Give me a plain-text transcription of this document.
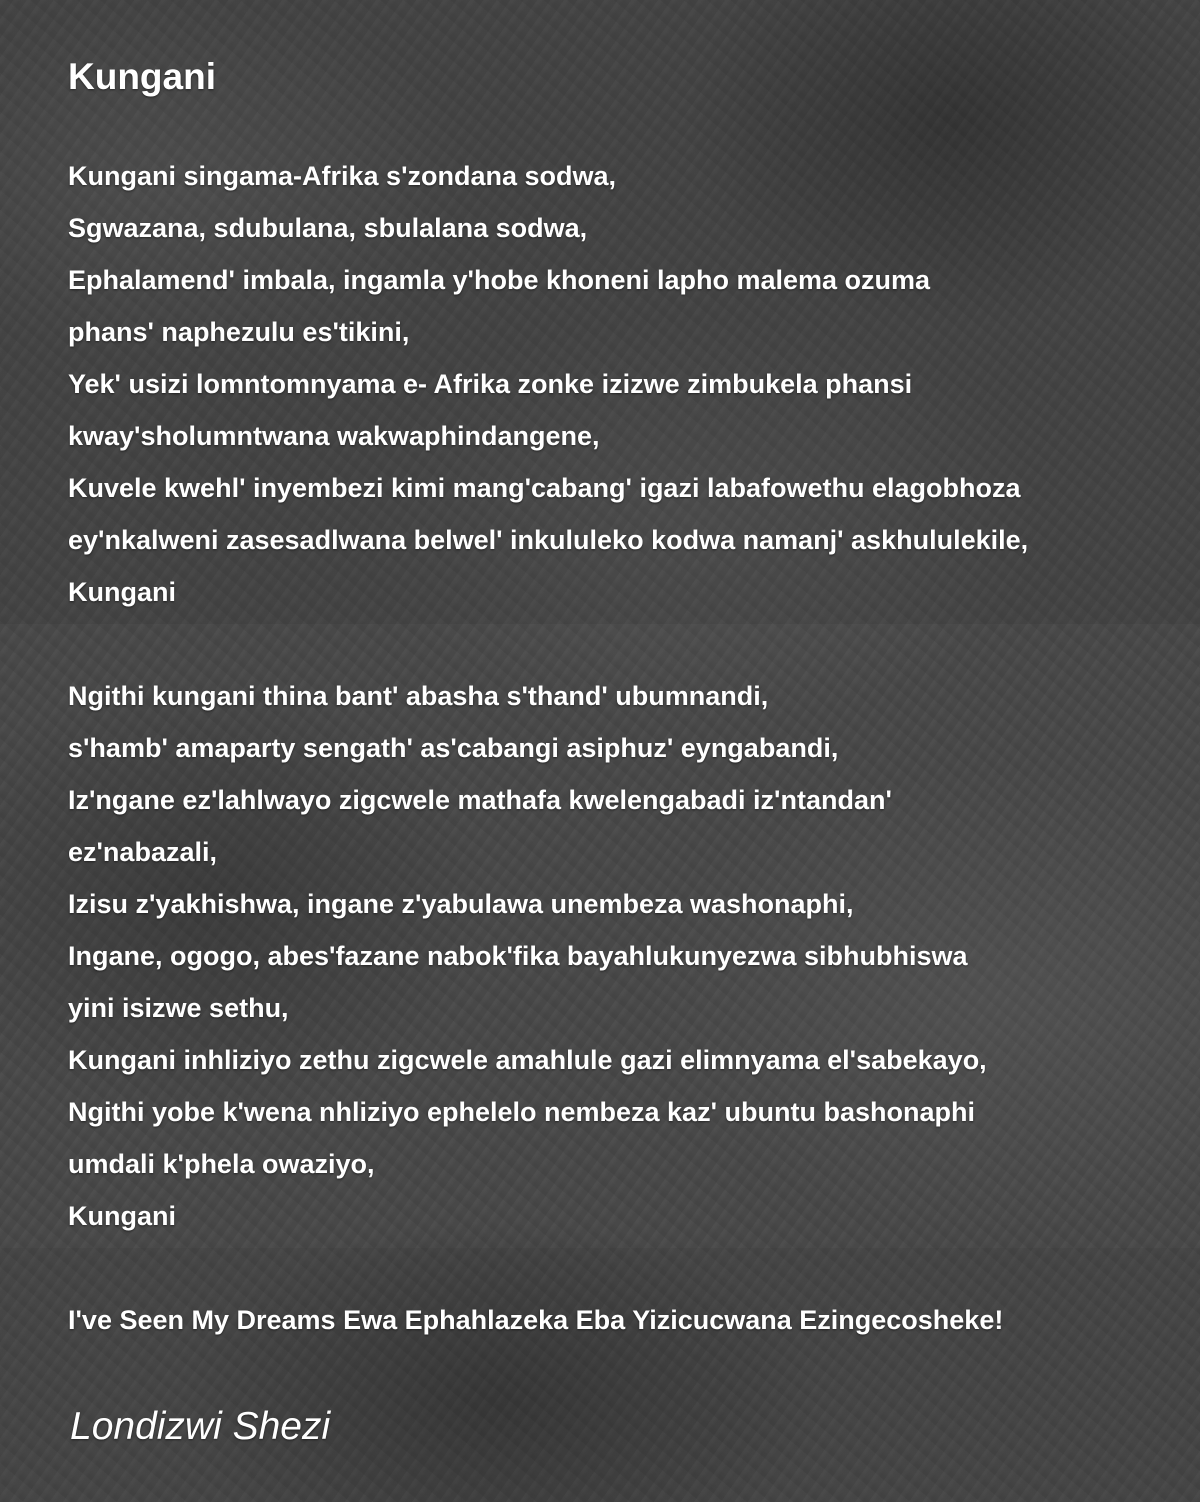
Kungani
Kungani singama-Afrika s'zondana sodwa,
Sgwazana, sdubulana, sbulalana sodwa,
Ephalamend' imbala, ingamla y'hobe khoneni lapho malema ozuma
phans' naphezulu es'tikini,
Yek' usizi lomntomnyama e- Afrika zonke izizwe zimbukela phansi
kway'sholumntwana wakwaphindangene,
Kuvele kwehl' inyembezi kimi mang'cabang' igazi labafowethu elagobhoza
ey'nkalweni zasesadlwana belwel' inkululeko kodwa namanj' askhululekile,
Kungani
Ngithi kungani thina bant' abasha s'thand' ubumnandi,
s'hamb' amaparty sengath' as'cabangi asiphuz' eyngabandi,
Iz'ngane ez'lahlwayo zigcwele mathafa kwelengabadi iz'ntandan'
ez'nabazali,
Izisu z'yakhishwa, ingane z'yabulawa unembeza washonaphi,
Ingane, ogogo, abes'fazane nabok'fika bayahlukunyezwa sibhubhiswa
yini isizwe sethu,
Kungani inhliziyo zethu zigcwele amahlule gazi elimnyama el'sabekayo,
Ngithi yobe k'wena nhliziyo ephelelo nembeza kaz' ubuntu bashonaphi
umdali k'phela owaziyo,
Kungani
I've Seen My Dreams Ewa Ephahlazeka Eba Yizicucwana Ezingecosheke!
Londizwi Shezi
